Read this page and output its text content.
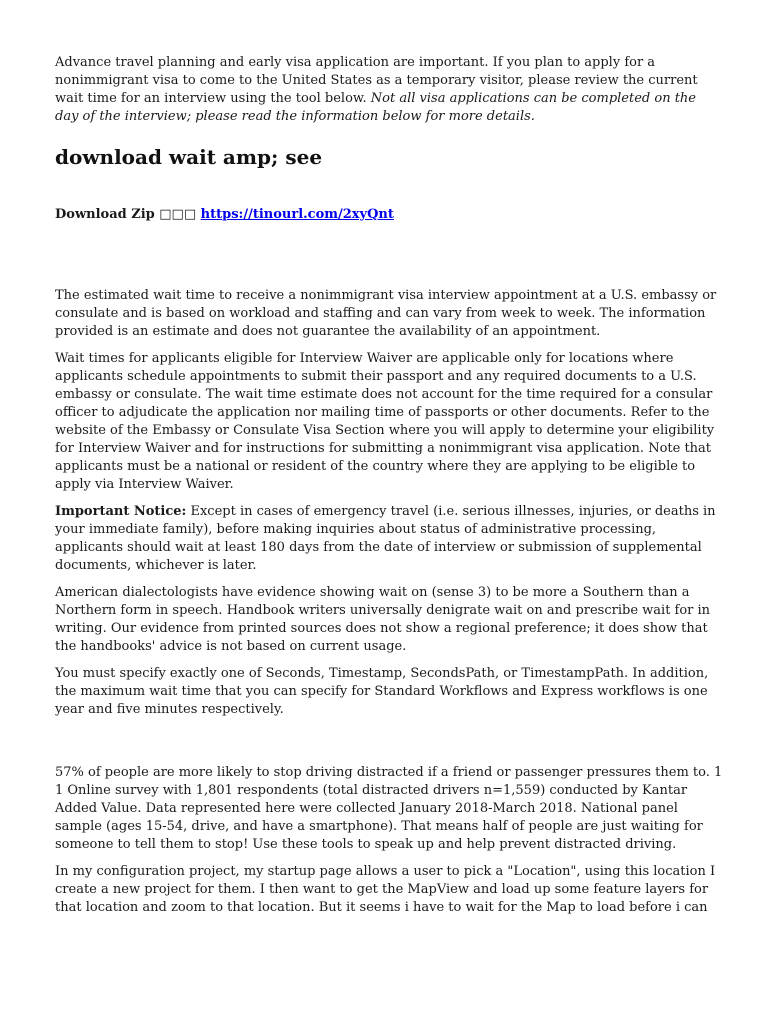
Advance travel planning and early visa application are important. If you plan to apply for a nonimmigrant visa to come to the United States as a temporary visitor, please review the current wait time for an interview using the tool below. Not all visa applications can be completed on the day of the interview; please read the information below for more details.

download wait amp; see
Download Zip □□□ https://tinourl.com/2xyQnt

The estimated wait time to receive a nonimmigrant visa interview appointment at a U.S. embassy or consulate and is based on workload and staffing and can vary from week to week. The information provided is an estimate and does not guarantee the availability of an appointment.

Wait times for applicants eligible for Interview Waiver are applicable only for locations where applicants schedule appointments to submit their passport and any required documents to a U.S. embassy or consulate. The wait time estimate does not account for the time required for a consular officer to adjudicate the application nor mailing time of passports or other documents. Refer to the website of the Embassy or Consulate Visa Section where you will apply to determine your eligibility for Interview Waiver and for instructions for submitting a nonimmigrant visa application. Note that applicants must be a national or resident of the country where they are applying to be eligible to apply via Interview Waiver.

Important Notice: Except in cases of emergency travel (i.e. serious illnesses, injuries, or deaths in your immediate family), before making inquiries about status of administrative processing, applicants should wait at least 180 days from the date of interview or submission of supplemental documents, whichever is later.

American dialectologists have evidence showing wait on (sense 3) to be more a Southern than a Northern form in speech. Handbook writers universally denigrate wait on and prescribe wait for in writing. Our evidence from printed sources does not show a regional preference; it does show that the handbooks' advice is not based on current usage.

You must specify exactly one of Seconds, Timestamp, SecondsPath, or TimestampPath. In addition, the maximum wait time that you can specify for Standard Workflows and Express workflows is one year and five minutes respectively.

57% of people are more likely to stop driving distracted if a friend or passenger pressures them to. 1 1 Online survey with 1,801 respondents (total distracted drivers n=1,559) conducted by Kantar Added Value. Data represented here were collected January 2018-March 2018. National panel sample (ages 15-54, drive, and have a smartphone). That means half of people are just waiting for someone to tell them to stop! Use these tools to speak up and help prevent distracted driving.

In my configuration project, my startup page allows a user to pick a "Location", using this location I create a new project for them. I then want to get the MapView and load up some feature layers for that location and zoom to that location. But it seems i have to wait for the Map to load before i can
